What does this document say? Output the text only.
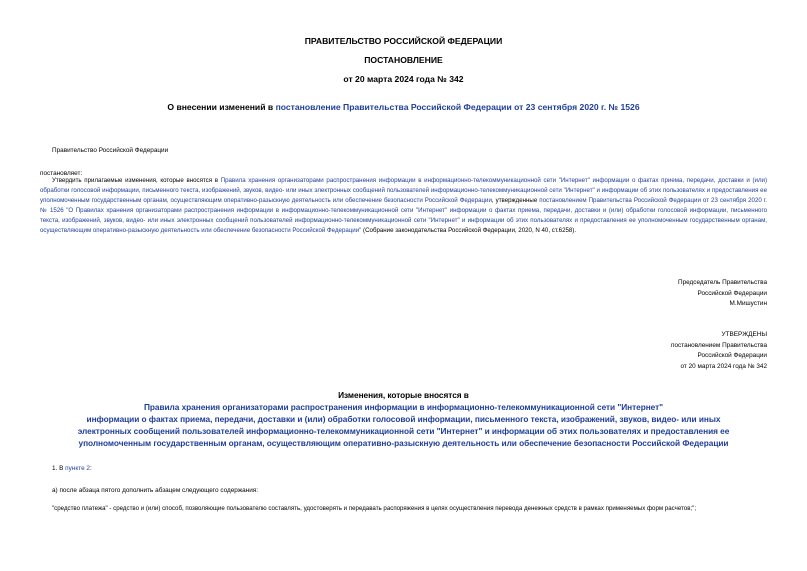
ПРАВИТЕЛЬСТВО РОССИЙСКОЙ ФЕДЕРАЦИИ
ПОСТАНОВЛЕНИЕ
от 20 марта 2024 года № 342
О внесении изменений в постановление Правительства Российской Федерации от 23 сентября 2020 г. № 1526
Правительство Российской Федерации
постановляет:
Утвердить прилагаемые изменения, которые вносятся в Правила хранения организаторами распространения информации в информационно-телекоммуникационной сети "Интернет" информации о фактах приема, передачи, доставки и (или) обработки голосовой информации, письменного текста, изображений, звуков, видео- или иных электронных сообщений пользователей информационно-телекоммуникационной сети "Интернет" и информации об этих пользователях и предоставления ее уполномоченным государственным органам, осуществляющим оперативно-разыскную деятельность или обеспечение безопасности Российской Федерации, утвержденные постановлением Правительства Российской Федерации от 23 сентября 2020 г. № 1526 "О Правилах хранения организаторами распространения информации в информационно-телекоммуникационной сети "Интернет" информации о фактах приема, передачи, доставки и (или) обработки голосовой информации, письменного текста, изображений, звуков, видео- или иных электронных сообщений пользователей информационно-телекоммуникационной сети "Интернет" и информации об этих пользователях и предоставления ее уполномоченным государственным органам, осуществляющим оперативно-разыскную деятельность или обеспечение безопасности Российской Федерации" (Собрание законодательства Российской Федерации, 2020, N 40, ст.6258).
Председатель Правительства
Российской Федерации
М.Мишустин
УТВЕРЖДЕНЫ
постановлением Правительства
Российской Федерации
от 20 марта 2024 года № 342
Изменения, которые вносятся в
Правила хранения организаторами распространения информации в информационно-телекоммуникационной сети "Интернет"
информации о фактах приема, передачи, доставки и (или) обработки голосовой информации, письменного текста, изображений, звуков, видео- или иных
электронных сообщений пользователей информационно-телекоммуникационной сети "Интернет" и информации об этих пользователях и предоставления ее
уполномоченным государственным органам, осуществляющим оперативно-разыскную деятельность или обеспечение безопасности Российской Федерации
1. В пункте 2:
а) после абзаца пятого дополнить абзацем следующего содержания:
"средство платежа" - средство и (или) способ, позволяющие пользователю составлять, удостоверять и передавать распоряжения в целях осуществления перевода денежных средств в рамках применяемых форм расчетов;";
